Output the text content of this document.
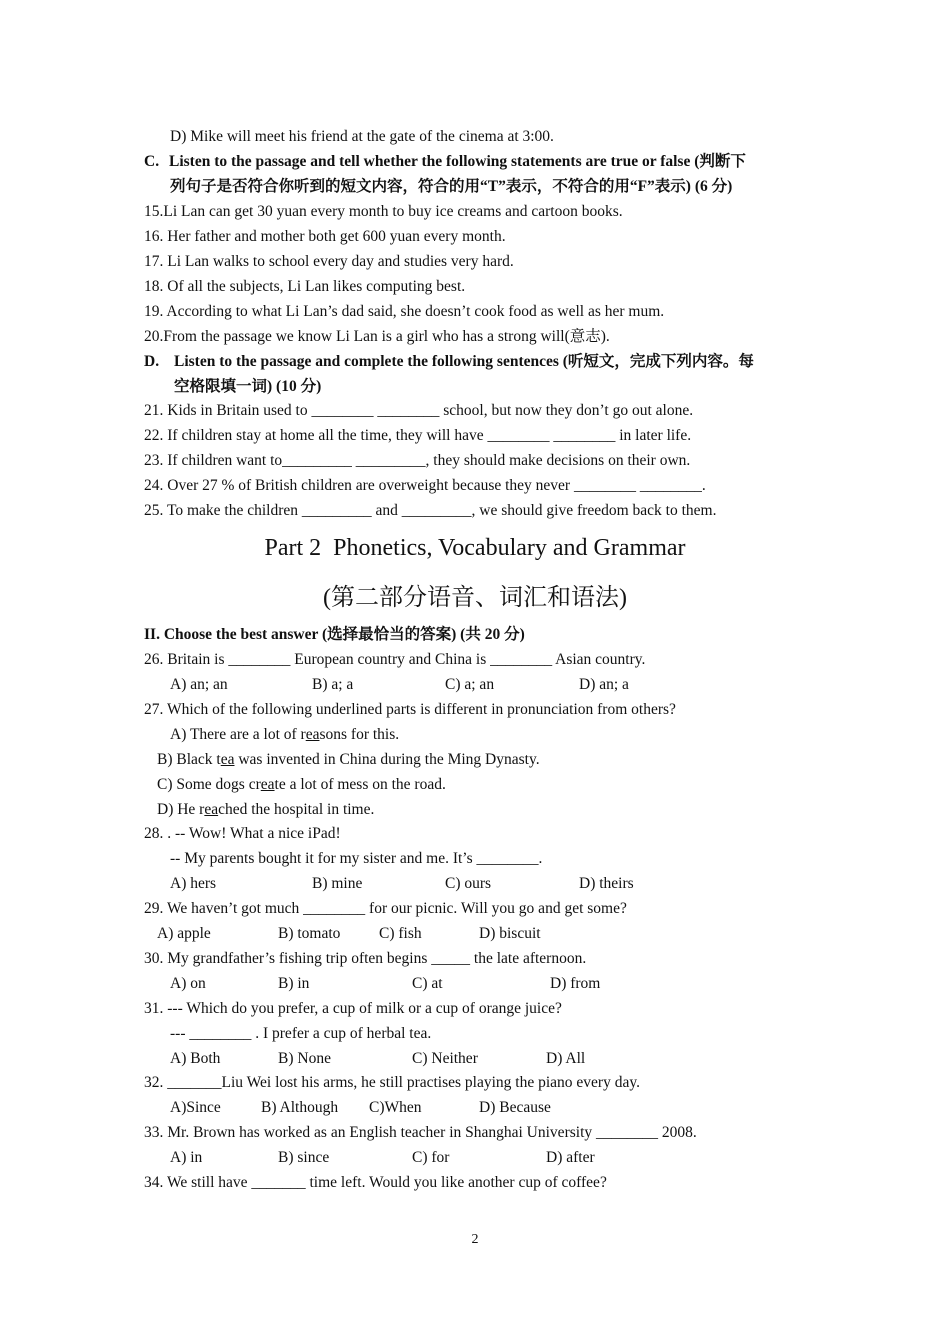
D) Mike will meet his friend at the gate of the cinema at 3:00.
C. Listen to the passage and tell whether the following statements are true or false (判断下
列句子是否符合你听到的短文内容，符合的用“T”表示，不符合的用“F”表示) (6 分)
15.Li Lan can get 30 yuan every month to buy ice creams and cartoon books.
16. Her father and mother both get 600 yuan every month.
17. Li Lan walks to school every day and studies very hard.
18. Of all the subjects, Li Lan likes computing best.
19. According to what Li Lan’s dad said, she doesn’t cook food as well as her mum.
20.From the passage we know Li Lan is a girl who has a strong will(意志).
D. Listen to the passage and complete the following sentences (听短文，完成下列内容。每
空格限填一词) (10 分)
21. Kids in Britain used to ________ ________ school, but now they don’t go out alone.
22. If children stay at home all the time, they will have ________ ________ in later life.
23. If children want to_________ _________, they should make decisions on their own.
24. Over 27 % of British children are overweight because they never ________ ________.
25. To make the children _________ and _________, we should give freedom back to them.
Part 2  Phonetics, Vocabulary and Grammar
(第二部分语音、词汇和语法)
II. Choose the best answer (选择最恰当的答案) (共 20 分)
26. Britain is ________ European country and China is ________ Asian country.

A) an; an

	B) a; a

	C) a; an

	D) an; a

27. Which of the following underlined parts is different in pronunciation from others?
A) There are a lot of reasons for this.
B) Black tea was invented in China during the Ming Dynasty.
C) Some dogs create a lot of mess on the road.
D) He reached the hospital in time.
28. . -- Wow! What a nice iPad!
-- My parents bought it for my sister and me. It’s ________.

A) hers

	B) mine

	C) ours

	D) theirs

29. We haven’t got much ________ for our picnic. Will you go and get some?

A) apple

	B) tomato

C) fish

	D) biscuit

30. My grandfather’s fishing trip often begins _____ the late afternoon.

A) on

	B) in

	C) at

	D) from

31. --- Which do you prefer, a cup of milk or a cup of orange juice?
--- ________ . I prefer a cup of herbal tea.

A) Both

	B) None

	C) Neither

	D) All

32. _______Liu Wei lost his arms, he still practises playing the piano every day.

A)Since

	B) Although

C)When

	D) Because

33. Mr. Brown has worked as an English teacher in Shanghai University ________ 2008.

A) in

	B) since

	C) for

	D) after

34. We still have _______ time left. Would you like another cup of coffee?
2
